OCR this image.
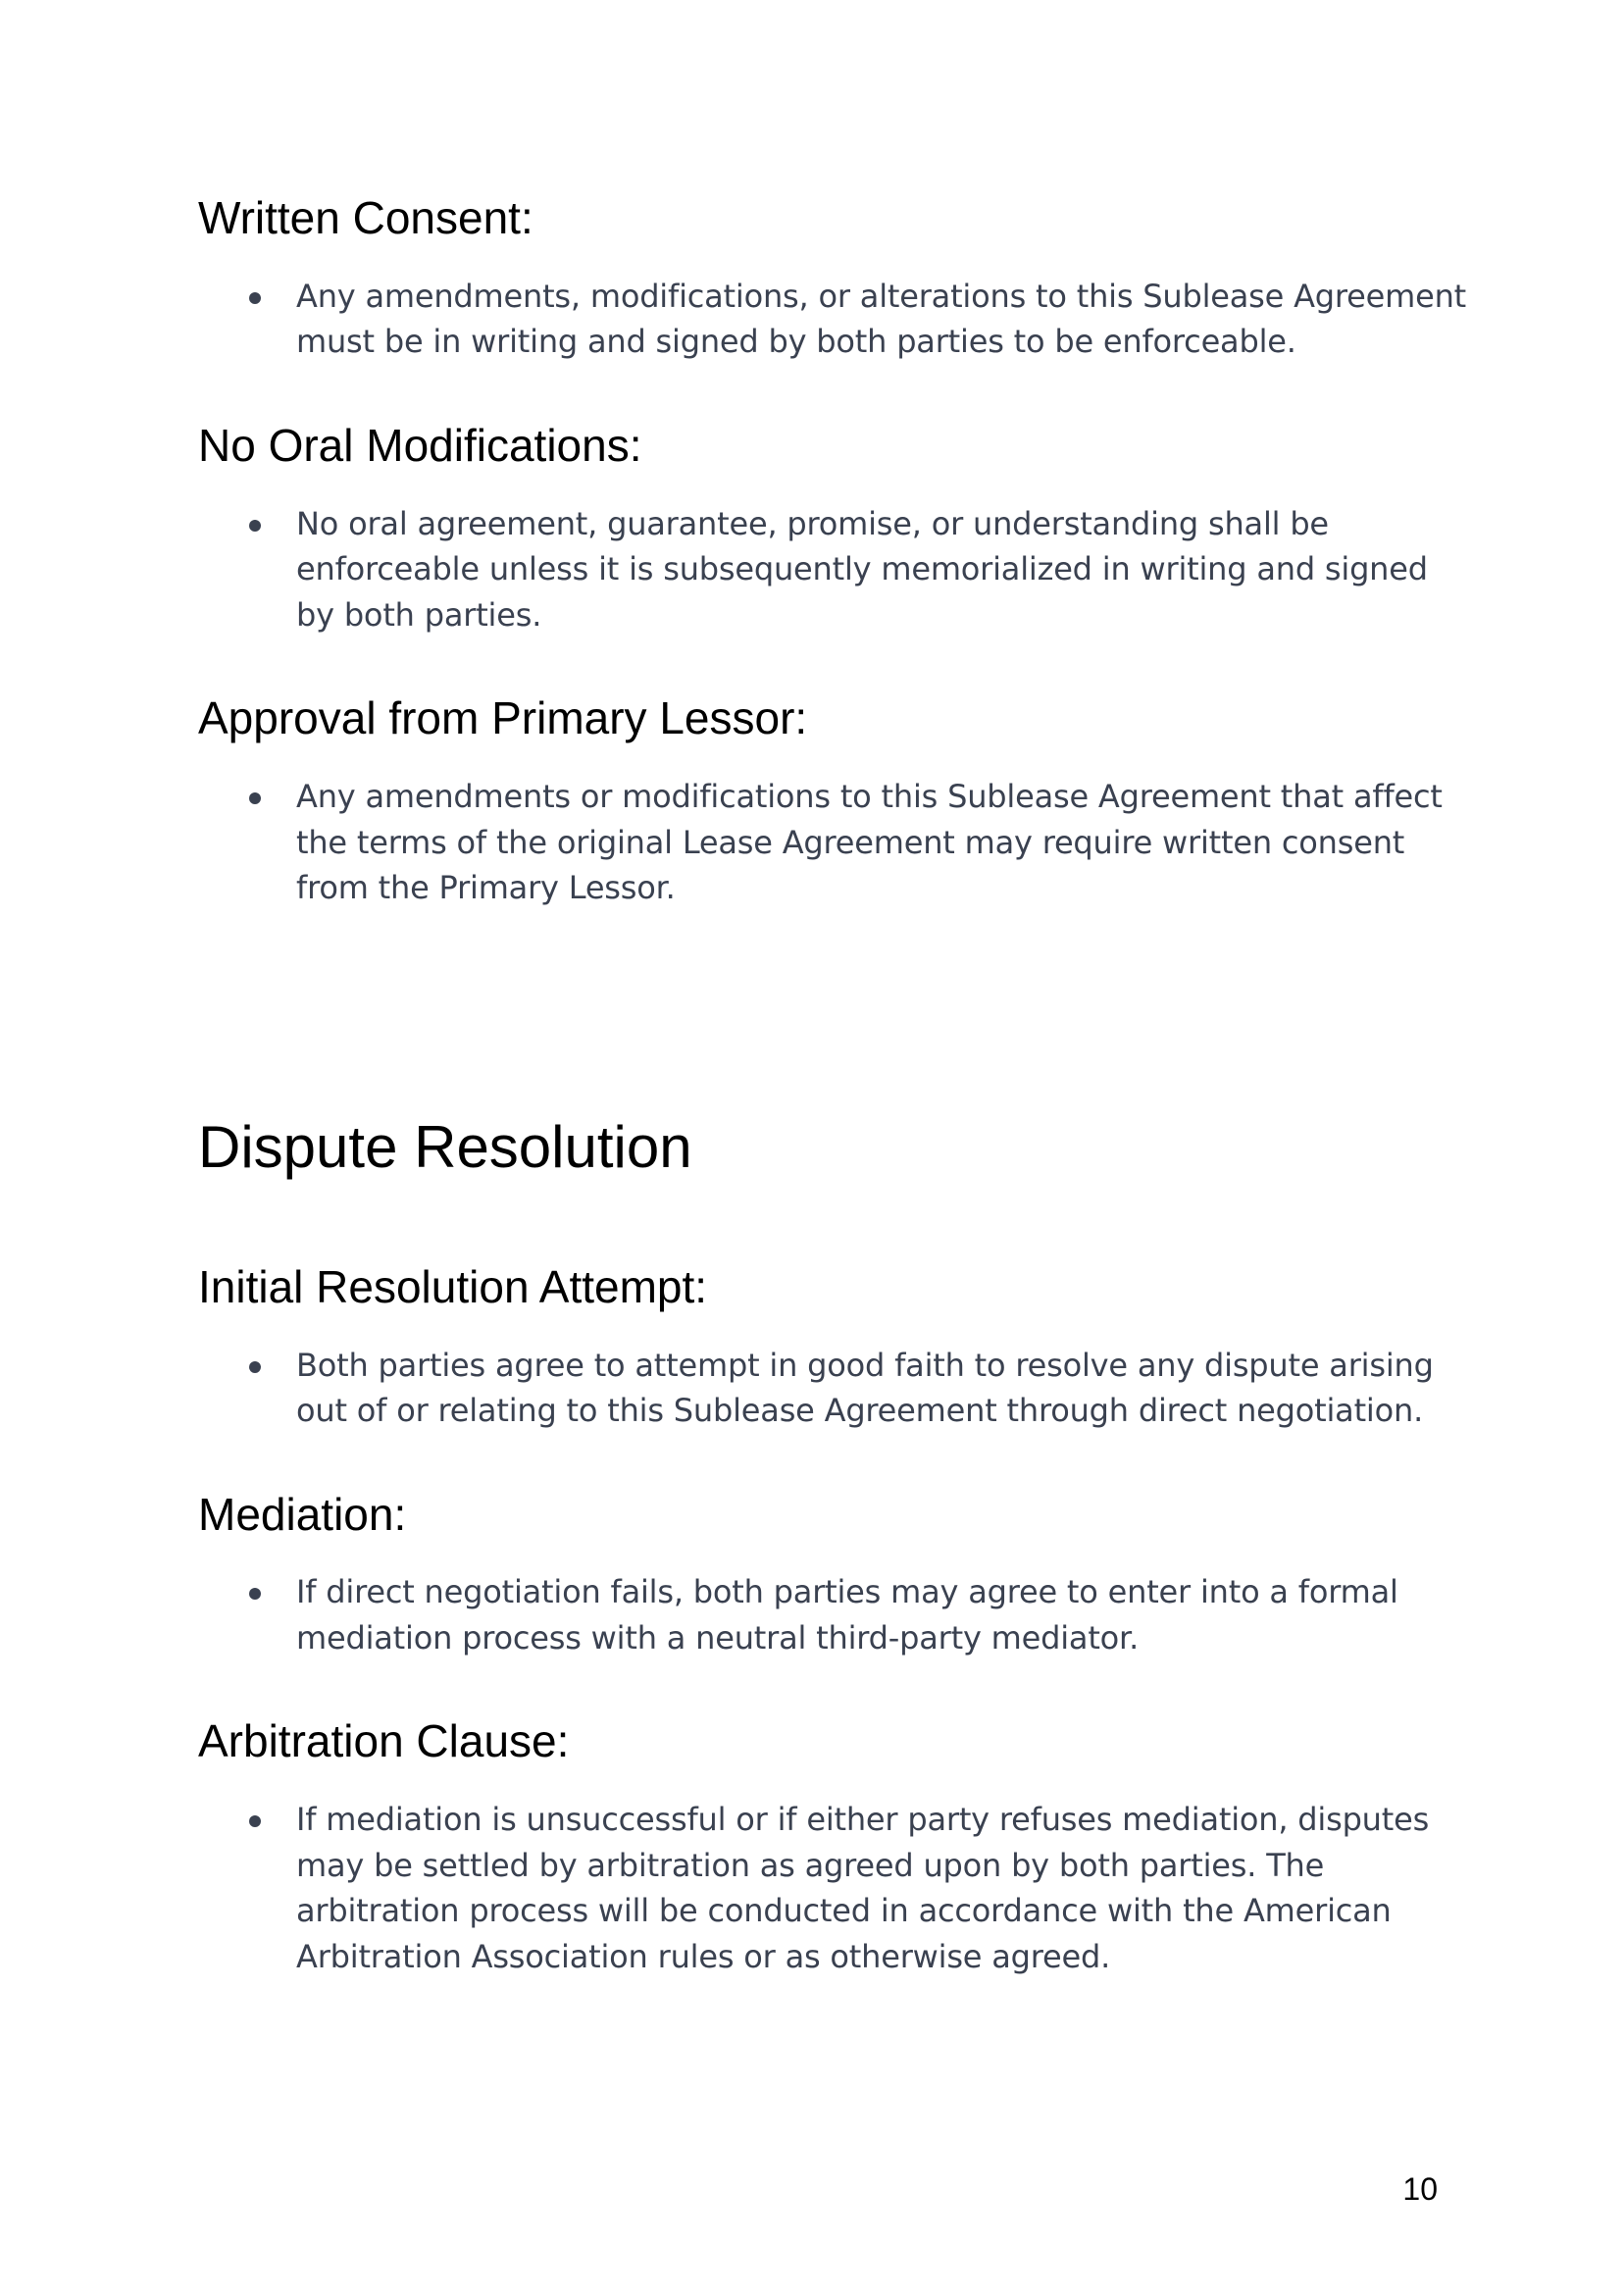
Written Consent:
Any amendments, modifications, or alterations to this Sublease Agreement must be in writing and signed by both parties to be enforceable.
No Oral Modifications:
No oral agreement, guarantee, promise, or understanding shall be enforceable unless it is subsequently memorialized in writing and signed by both parties.
Approval from Primary Lessor:
Any amendments or modifications to this Sublease Agreement that affect the terms of the original Lease Agreement may require written consent from the Primary Lessor.
Dispute Resolution
Initial Resolution Attempt:
Both parties agree to attempt in good faith to resolve any dispute arising out of or relating to this Sublease Agreement through direct negotiation.
Mediation:
If direct negotiation fails, both parties may agree to enter into a formal mediation process with a neutral third-party mediator.
Arbitration Clause:
If mediation is unsuccessful or if either party refuses mediation, disputes may be settled by arbitration as agreed upon by both parties. The arbitration process will be conducted in accordance with the American Arbitration Association rules or as otherwise agreed.
10
